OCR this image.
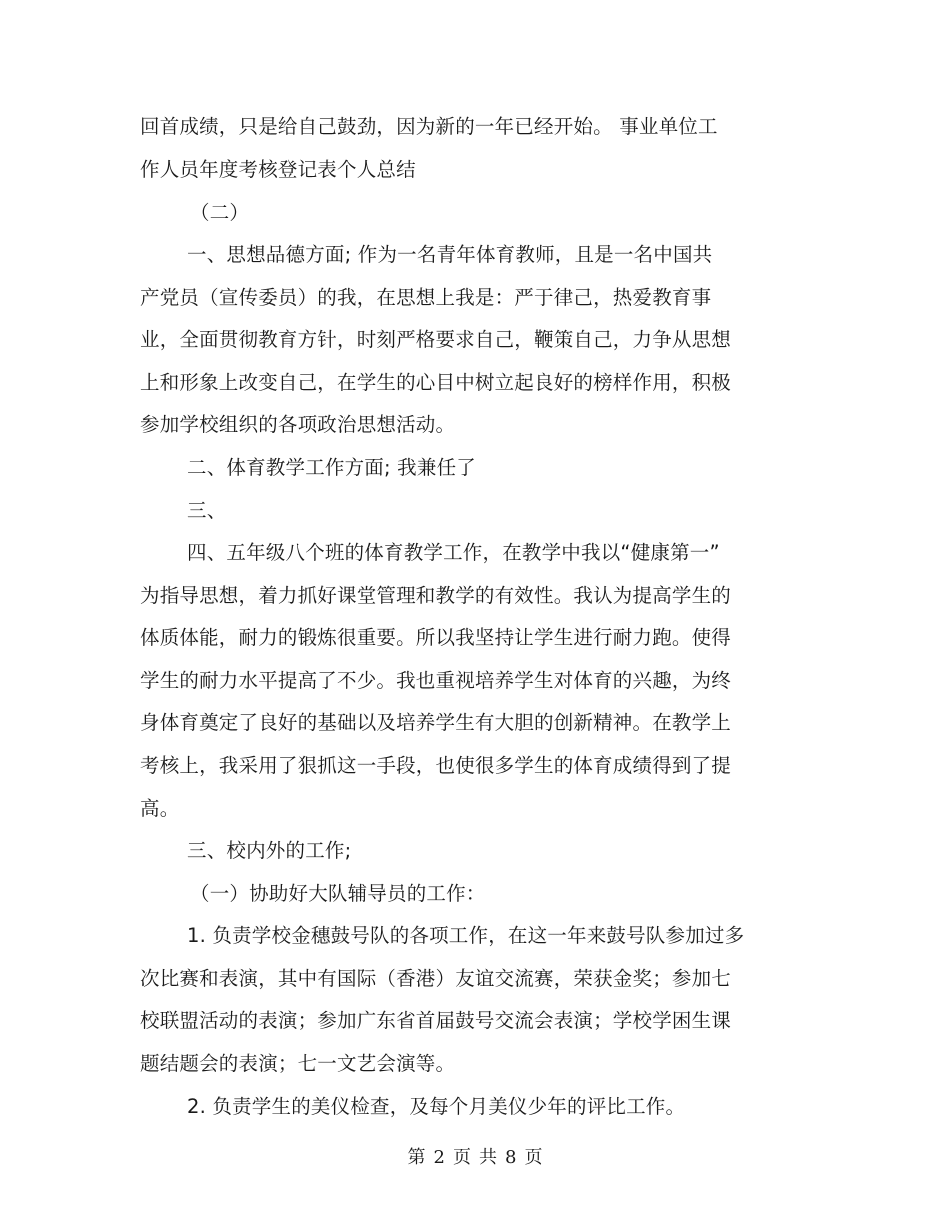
回首成绩，只是给自己鼓劲，因为新的一年已经开始。 事业单位工
作人员年度考核登记表个人总结
（二）
一、思想品德方面; 作为一名青年体育教师，且是一名中国共
产党员（宣传委员）的我，在思想上我是：严于律己，热爱教育事
业，全面贯彻教育方针，时刻严格要求自己，鞭策自己，力争从思想
上和形象上改变自己，在学生的心目中树立起良好的榜样作用，积极
参加学校组织的各项政治思想活动。
二、体育教学工作方面; 我兼任了
三、
四、五年级八个班的体育教学工作，在教学中我以“健康第一”
为指导思想，着力抓好课堂管理和教学的有效性。我认为提高学生的
体质体能，耐力的锻炼很重要。所以我坚持让学生进行耐力跑。使得
学生的耐力水平提高了不少。我也重视培养学生对体育的兴趣，为终
身体育奠定了良好的基础以及培养学生有大胆的创新精神。在教学上
考核上，我采用了狠抓这一手段，也使很多学生的体育成绩得到了提
高。
三、校内外的工作;
（一）协助好大队辅导员的工作：
1. 负责学校金穗鼓号队的各项工作，在这一年来鼓号队参加过多
次比赛和表演，其中有国际（香港）友谊交流赛，荣获金奖；参加七
校联盟活动的表演；参加广东省首届鼓号交流会表演；学校学困生课
题结题会的表演；七一文艺会演等。
2. 负责学生的美仪检查，及每个月美仪少年的评比工作。
第 2 页 共 8 页
